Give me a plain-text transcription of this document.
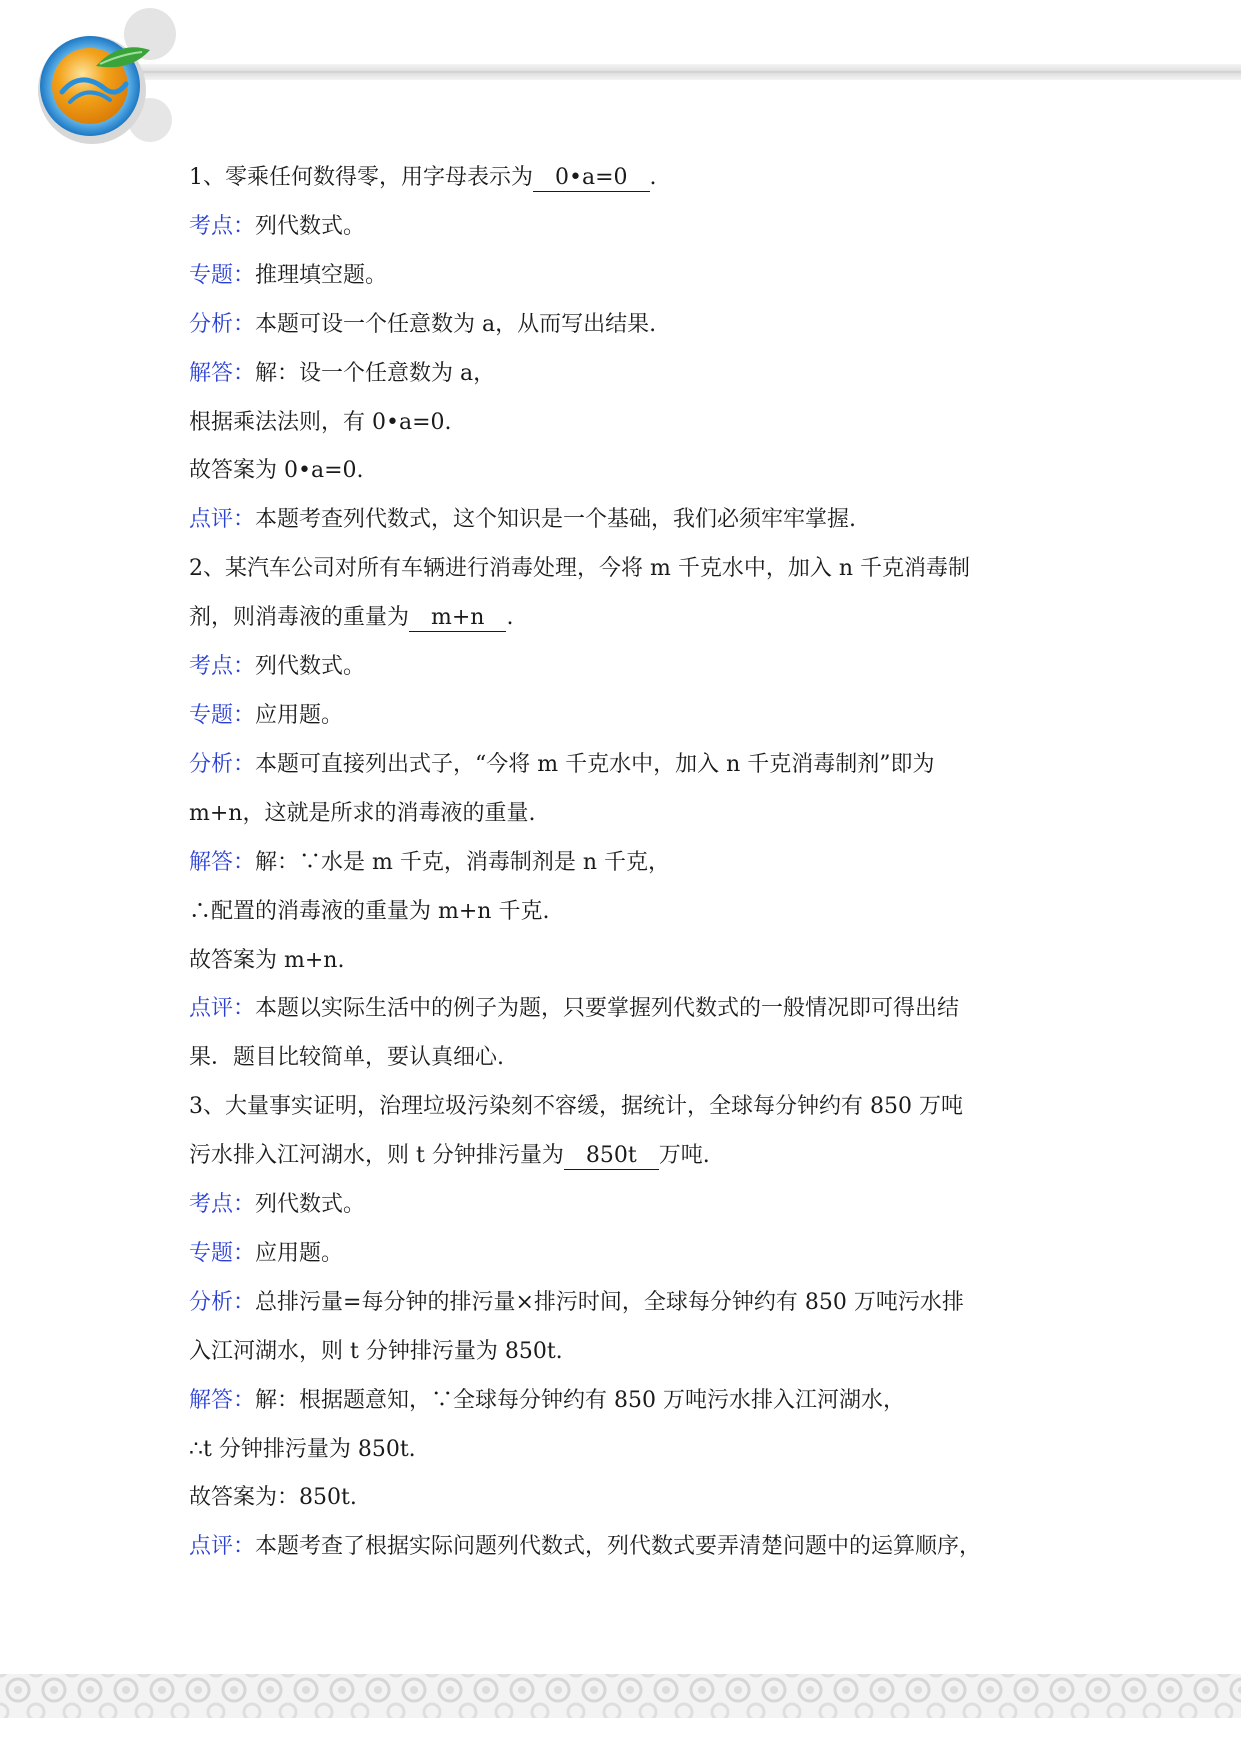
1、零乘任何数得零，用字母表示为 0•a=0 .

考点：列代数式。

专题：推理填空题。

分析：本题可设一个任意数为 a，从而写出结果.

解答：解：设一个任意数为 a，

根据乘法法则，有 0•a=0.

故答案为 0•a=0.

点评：本题考查列代数式，这个知识是一个基础，我们必须牢牢掌握.

2、某汽车公司对所有车辆进行消毒处理，今将 m 千克水中，加入 n 千克消毒制

剂，则消毒液的重量为 m+n .

考点：列代数式。

专题：应用题。

分析：本题可直接列出式子，“今将 m 千克水中，加入 n 千克消毒制剂”即为

m+n，这就是所求的消毒液的重量.

解答：解：∵水是 m 千克，消毒制剂是 n 千克，

∴配置的消毒液的重量为 m+n 千克.

故答案为 m+n.

点评：本题以实际生活中的例子为题，只要掌握列代数式的一般情况即可得出结

果．题目比较简单，要认真细心.

3、大量事实证明，治理垃圾污染刻不容缓，据统计，全球每分钟约有 850 万吨

污水排入江河湖水，则 t 分钟排污量为 850t 万吨.

考点：列代数式。

专题：应用题。

分析：总排污量=每分钟的排污量×排污时间，全球每分钟约有 850 万吨污水排

入江河湖水，则 t 分钟排污量为 850t.

解答：解：根据题意知，∵全球每分钟约有 850 万吨污水排入江河湖水，

∴t 分钟排污量为 850t.

故答案为：850t.

点评：本题考查了根据实际问题列代数式，列代数式要弄清楚问题中的运算顺序，
